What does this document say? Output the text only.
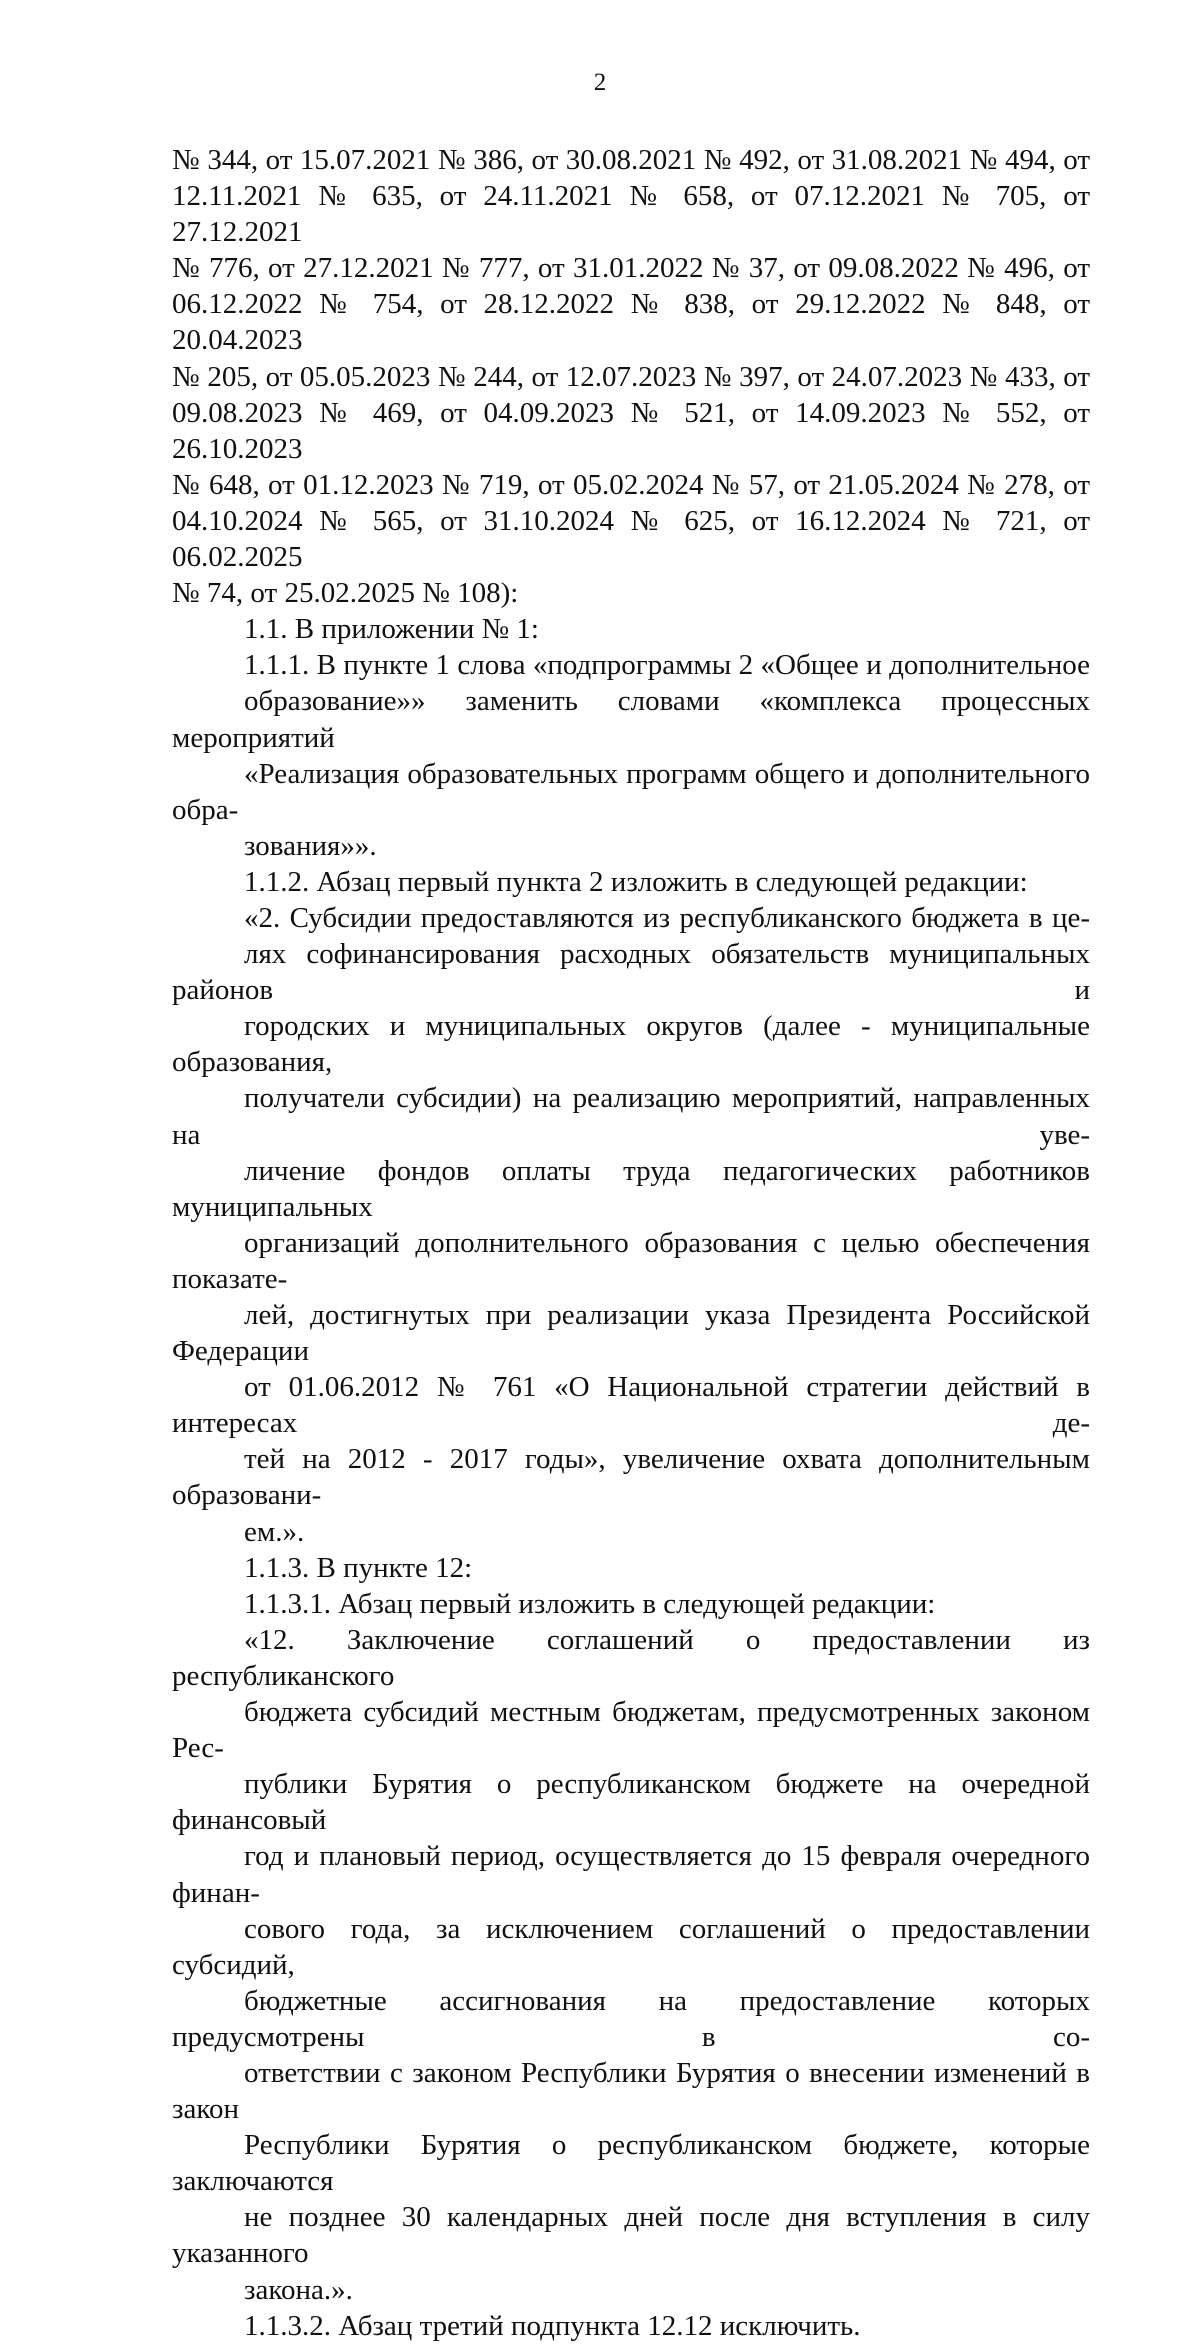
2
№ 344, от 15.07.2021 № 386, от 30.08.2021 № 492, от 31.08.2021 № 494, от
12.11.2021 № 635, от 24.11.2021 № 658, от 07.12.2021 № 705, от 27.12.2021
№ 776, от 27.12.2021 № 777, от 31.01.2022 № 37, от 09.08.2022 № 496, от
06.12.2022 № 754, от 28.12.2022 № 838, от 29.12.2022 № 848, от 20.04.2023
№ 205, от 05.05.2023 № 244, от 12.07.2023 № 397, от 24.07.2023 № 433, от
09.08.2023 № 469, от 04.09.2023 № 521, от 14.09.2023 № 552, от 26.10.2023
№ 648, от 01.12.2023 № 719, от 05.02.2024 № 57, от 21.05.2024 № 278, от
04.10.2024 № 565, от 31.10.2024 № 625, от 16.12.2024 № 721, от 06.02.2025
№ 74, от 25.02.2025 № 108):
1.1. В приложении № 1:
1.1.1. В пункте 1 слова «подпрограммы 2 «Общее и дополнительное
образование»» заменить словами «комплекса процессных мероприятий
«Реализация образовательных программ общего и дополнительного обра-
зования»».
1.1.2. Абзац первый пункта 2 изложить в следующей редакции:
«2. Субсидии предоставляются из республиканского бюджета в це-
лях софинансирования расходных обязательств муниципальных районов и
городских и муниципальных округов (далее - муниципальные образования,
получатели субсидии) на реализацию мероприятий, направленных на уве-
личение фондов оплаты труда педагогических работников муниципальных
организаций дополнительного образования с целью обеспечения показате-
лей, достигнутых при реализации указа Президента Российской Федерации
от 01.06.2012 № 761 «О Национальной стратегии действий в интересах де-
тей на 2012 - 2017 годы», увеличение охвата дополнительным образовани-
ем.».
1.1.3. В пункте 12:
1.1.3.1. Абзац первый изложить в следующей редакции:
«12. Заключение соглашений о предоставлении из республиканского
бюджета субсидий местным бюджетам, предусмотренных законом Рес-
публики Бурятия о республиканском бюджете на очередной финансовый
год и плановый период, осуществляется до 15 февраля очередного финан-
сового года, за исключением соглашений о предоставлении субсидий,
бюджетные ассигнования на предоставление которых предусмотрены в со-
ответствии с законом Республики Бурятия о внесении изменений в закон
Республики Бурятия о республиканском бюджете, которые заключаются
не позднее 30 календарных дней после дня вступления в силу указанного
закона.».
1.1.3.2. Абзац третий подпункта 12.12 исключить.
